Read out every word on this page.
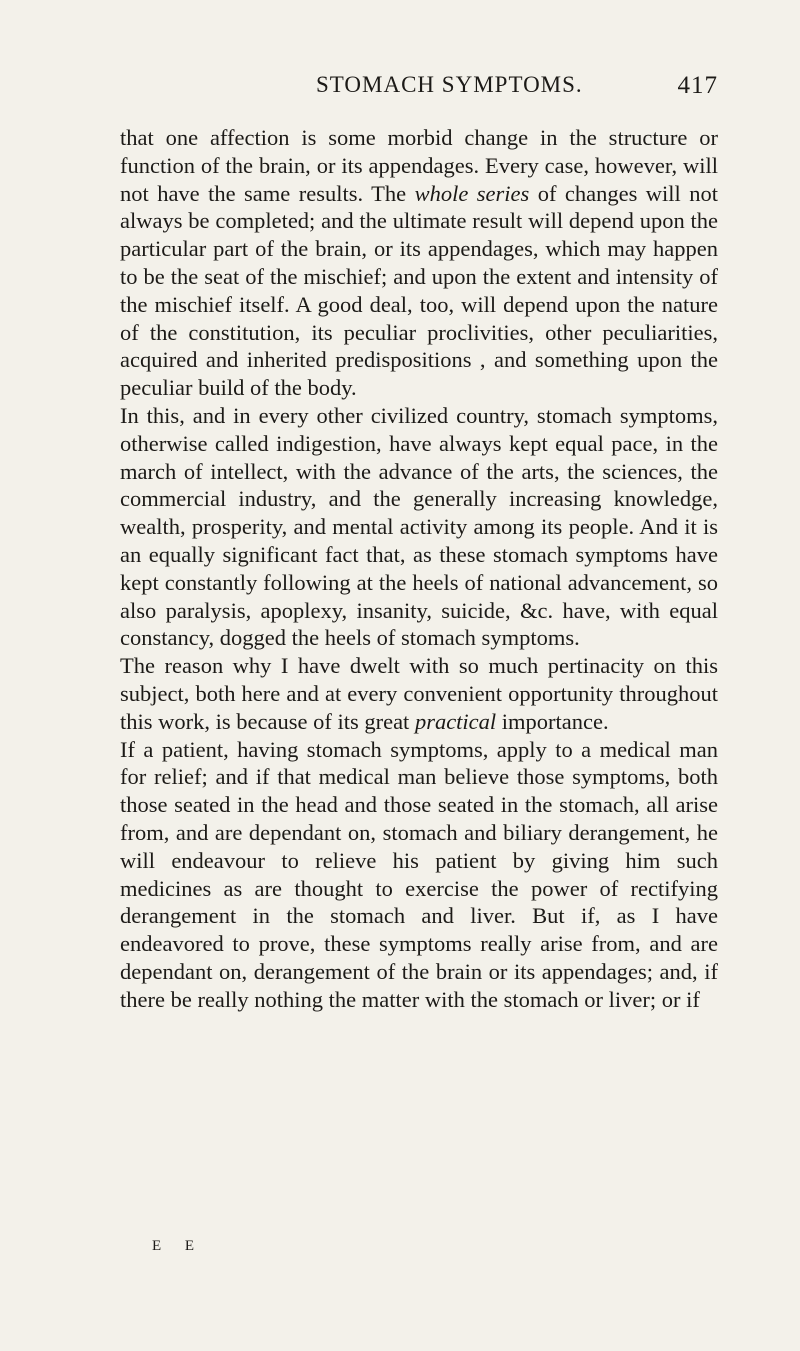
STOMACH SYMPTOMS.	417

that one affection is some morbid change in the structure or function of the brain, or its appendages. Every case, however, will not have the same results. The whole series of changes will not always be completed; and the ultimate result will depend upon the particular part of the brain, or its appendages, which may happen to be the seat of the mischief; and upon the extent and intensity of the mischief itself. A good deal, too, will depend upon the nature of the constitution, its peculiar proclivities, other peculiarities, acquired and inherited predispositions , and something upon the peculiar build of the body.

In this, and in every other civilized country, stomach symptoms, otherwise called indigestion, have always kept equal pace, in the march of intellect, with the advance of the arts, the sciences, the commercial industry, and the generally increasing knowledge, wealth, prosperity, and mental activity among its people. And it is an equally significant fact that, as these stomach symptoms have kept constantly following at the heels of national advancement, so also paralysis, apoplexy, insanity, suicide, &c. have, with equal constancy, dogged the heels of stomach symptoms.

The reason why I have dwelt with so much pertinacity on this subject, both here and at every convenient opportunity throughout this work, is because of its great practical importance.

If a patient, having stomach symptoms, apply to a medical man for relief; and if that medical man believe those symptoms, both those seated in the head and those seated in the stomach, all arise from, and are dependant on, stomach and biliary derangement, he will endeavour to relieve his patient by giving him such medicines as are thought to exercise the power of rectifying derangement in the stomach and liver. But if, as I have endeavored to prove, these symptoms really arise from, and are dependant on, derangement of the brain or its appendages; and, if there be really nothing the matter with the stomach or liver; or if

E E
